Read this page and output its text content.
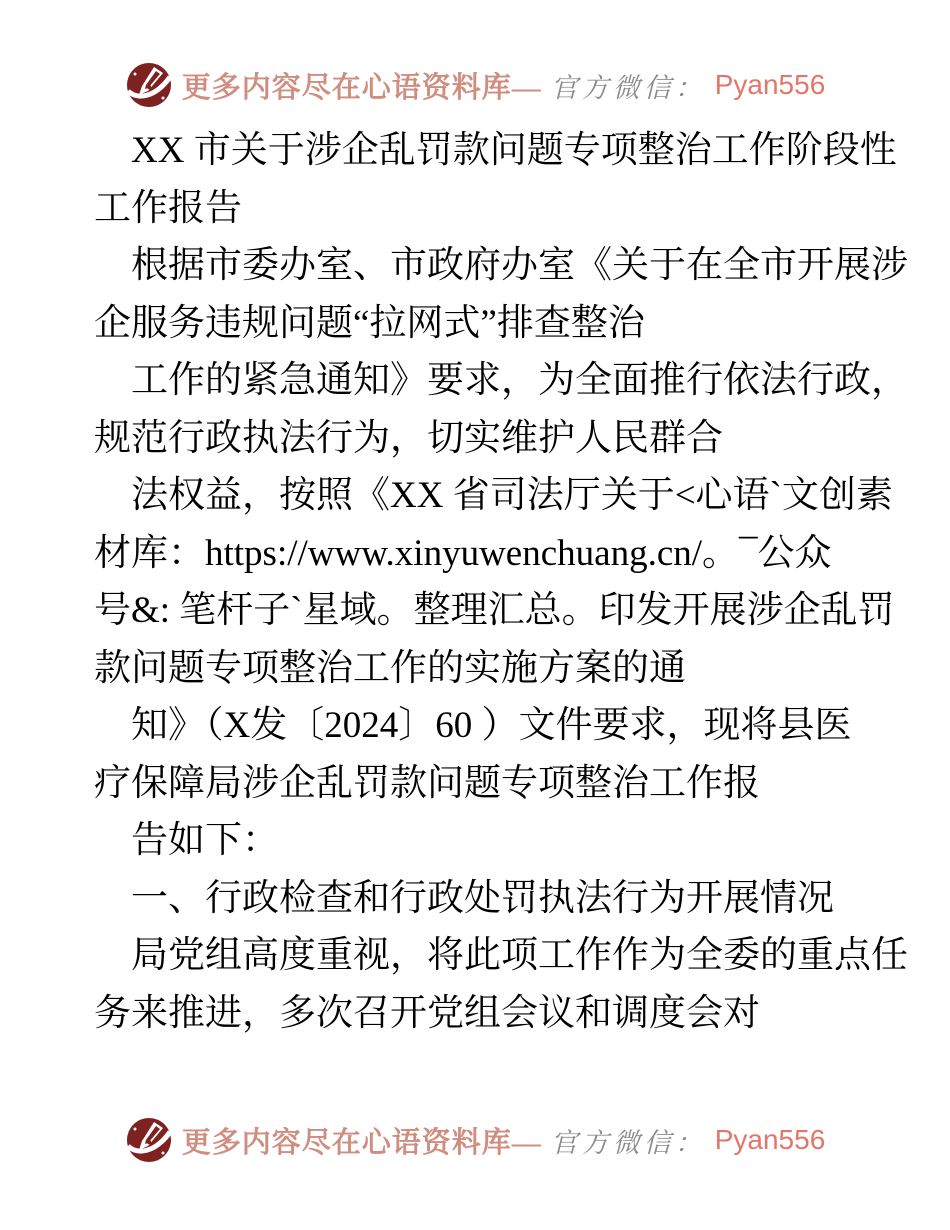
更多内容尽在心语资料库— 官方微信： Pyan556
XX 市关于涉企乱罚款问题专项整治工作阶段性
工作报告
根据市委办室、市政府办室《关于在全市开展涉
企服务违规问题“拉网式”排查整治
工作的紧急通知》要求，为全面推行依法行政，
规范行政执法行为，切实维护人民群合
法权益，按照《XX 省司法厅关于<心语`文创素
材库：https://www.xinyuwenchuang.cn/。¯公众
号&: 笔杆子`星域。整理汇总。印发开展涉企乱罚
款问题专项整治工作的实施方案的通
知》（X发〔2024〕60 ）文件要求，现将县医
疗保障局涉企乱罚款问题专项整治工作报
告如下：
一、行政检查和行政处罚执法行为开展情况
局党组高度重视，将此项工作作为全委的重点任
务来推进，多次召开党组会议和调度会对
更多内容尽在心语资料库— 官方微信： Pyan556
